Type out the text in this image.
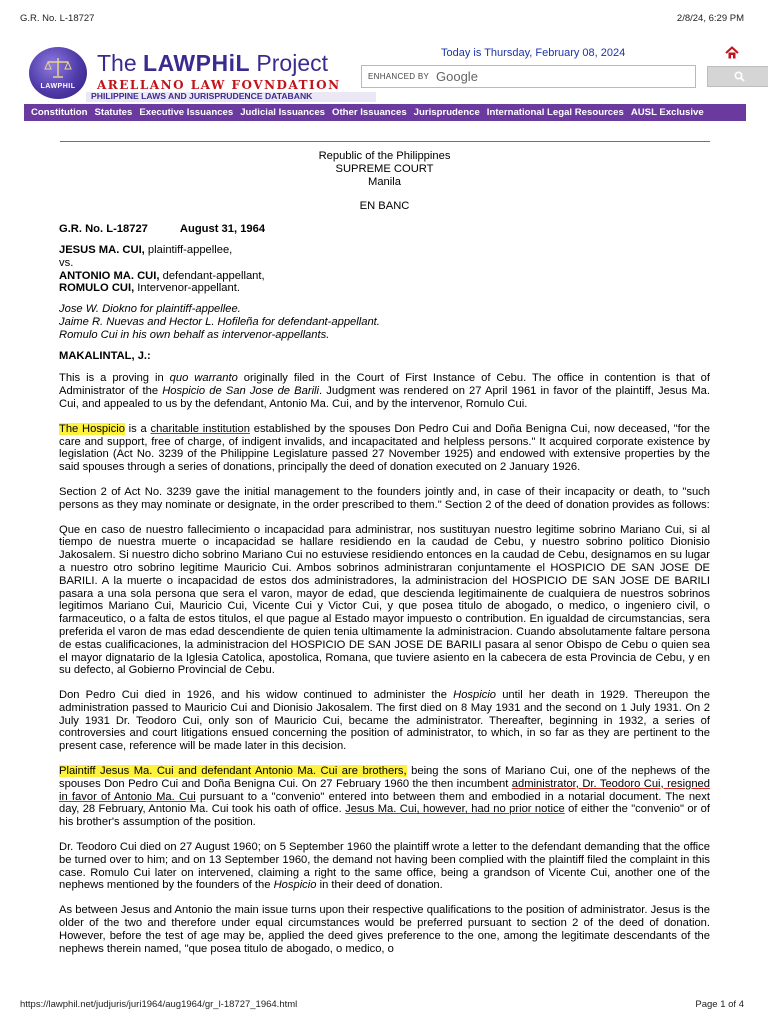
G.R. No. L-18727	2/8/24, 6:29 PM
LAWPHIL
The LAWPHiL Project
ARELLANO LAW FOVNDATION
PHILIPPINE LAWS AND JURISPRUDENCE DATABANK
Today is Thursday, February 08, 2024
ENHANCED BY Google
Constitution Statutes Executive Issuances Judicial Issuances Other Issuances Jurisprudence International Legal Resources AUSL Exclusive
Republic of the Philippines
SUPREME COURT
Manila
EN BANC
G.R. No. L-18727	August 31, 1964
JESUS MA. CUI, plaintiff-appellee,
vs.
ANTONIO MA. CUI, defendant-appellant,
ROMULO CUI, Intervenor-appellant.
Jose W. Diokno for plaintiff-appellee.
Jaime R. Nuevas and Hector L. Hofileña for defendant-appellant.
Romulo Cui in his own behalf as intervenor-appellants.
MAKALINTAL, J.:

This is a proving in quo warranto originally filed in the Court of First Instance of Cebu. The office in contention is that of Administrator of the Hospicio de San Jose de Barili. Judgment was rendered on 27 April 1961 in favor of the plaintiff, Jesus Ma. Cui, and appealed to us by the defendant, Antonio Ma. Cui, and by the intervenor, Romulo Cui.

The Hospicio is a charitable institution established by the spouses Don Pedro Cui and Doña Benigna Cui, now deceased, "for the care and support, free of charge, of indigent invalids, and incapacitated and helpless persons." It acquired corporate existence by legislation (Act No. 3239 of the Philippine Legislature passed 27 November 1925) and endowed with extensive properties by the said spouses through a series of donations, principally the deed of donation executed on 2 January 1926.

Section 2 of Act No. 3239 gave the initial management to the founders jointly and, in case of their incapacity or death, to "such persons as they may nominate or designate, in the order prescribed to them." Section 2 of the deed of donation provides as follows:

Que en caso de nuestro fallecimiento o incapacidad para administrar, nos sustituyan nuestro legitime sobrino Mariano Cui, si al tiempo de nuestra muerte o incapacidad se hallare residiendo en la caudad de Cebu, y nuestro sobrino politico Dionisio Jakosalem. Si nuestro dicho sobrino Mariano Cui no estuviese residiendo entonces en la caudad de Cebu, designamos en su lugar a nuestro otro sobrino legitime Mauricio Cui. Ambos sobrinos administraran conjuntamente el HOSPICIO DE SAN JOSE DE BARILI. A la muerte o incapacidad de estos dos administradores, la administracion del HOSPICIO DE SAN JOSE DE BARILI pasara a una sola persona que sera el varon, mayor de edad, que descienda legitimainente de cualquiera de nuestros sobrinos legitimos Mariano Cui, Mauricio Cui, Vicente Cui y Victor Cui, y que posea titulo de abogado, o medico, o ingeniero civil, o farmaceutico, o a falta de estos titulos, el que pague al Estado mayor impuesto o contribution. En igualdad de circumstancias, sera preferida el varon de mas edad descendiente de quien tenia ultimamente la administracion. Cuando absolutamente faltare persona de estas cualificaciones, la administracion del HOSPICIO DE SAN JOSE DE BARILI pasara al senor Obispo de Cebu o quien sea el mayor dignatario de la Iglesia Catolica, apostolica, Romana, que tuviere asiento en la cabecera de esta Provincia de Cebu, y en su defecto, al Gobierno Provincial de Cebu.

Don Pedro Cui died in 1926, and his widow continued to administer the Hospicio until her death in 1929. Thereupon the administration passed to Mauricio Cui and Dionisio Jakosalem. The first died on 8 May 1931 and the second on 1 July 1931. On 2 July 1931 Dr. Teodoro Cui, only son of Mauricio Cui, became the administrator. Thereafter, beginning in 1932, a series of controversies and court litigations ensued concerning the position of administrator, to which, in so far as they are pertinent to the present case, reference will be made later in this decision.

Plaintiff Jesus Ma. Cui and defendant Antonio Ma. Cui are brothers, being the sons of Mariano Cui, one of the nephews of the spouses Don Pedro Cui and Doña Benigna Cui. On 27 February 1960 the then incumbent administrator, Dr. Teodoro Cui, resigned in favor of Antonio Ma. Cui pursuant to a "convenio" entered into between them and embodied in a notarial document. The next day, 28 February, Antonio Ma. Cui took his oath of office. Jesus Ma. Cui, however, had no prior notice of either the "convenio" or of his brother's assumption of the position.

Dr. Teodoro Cui died on 27 August 1960; on 5 September 1960 the plaintiff wrote a letter to the defendant demanding that the office be turned over to him; and on 13 September 1960, the demand not having been complied with the plaintiff filed the complaint in this case. Romulo Cui later on intervened, claiming a right to the same office, being a grandson of Vicente Cui, another one of the nephews mentioned by the founders of the Hospicio in their deed of donation.

As between Jesus and Antonio the main issue turns upon their respective qualifications to the position of administrator. Jesus is the older of the two and therefore under equal circumstances would be preferred pursuant to section 2 of the deed of donation. However, before the test of age may be, applied the deed gives preference to the one, among the legitimate descendants of the nephews therein named, "que posea titulo de abogado, o medico, o

https://lawphil.net/judjuris/juri1964/aug1964/gr_l-18727_1964.html	Page 1 of 4
